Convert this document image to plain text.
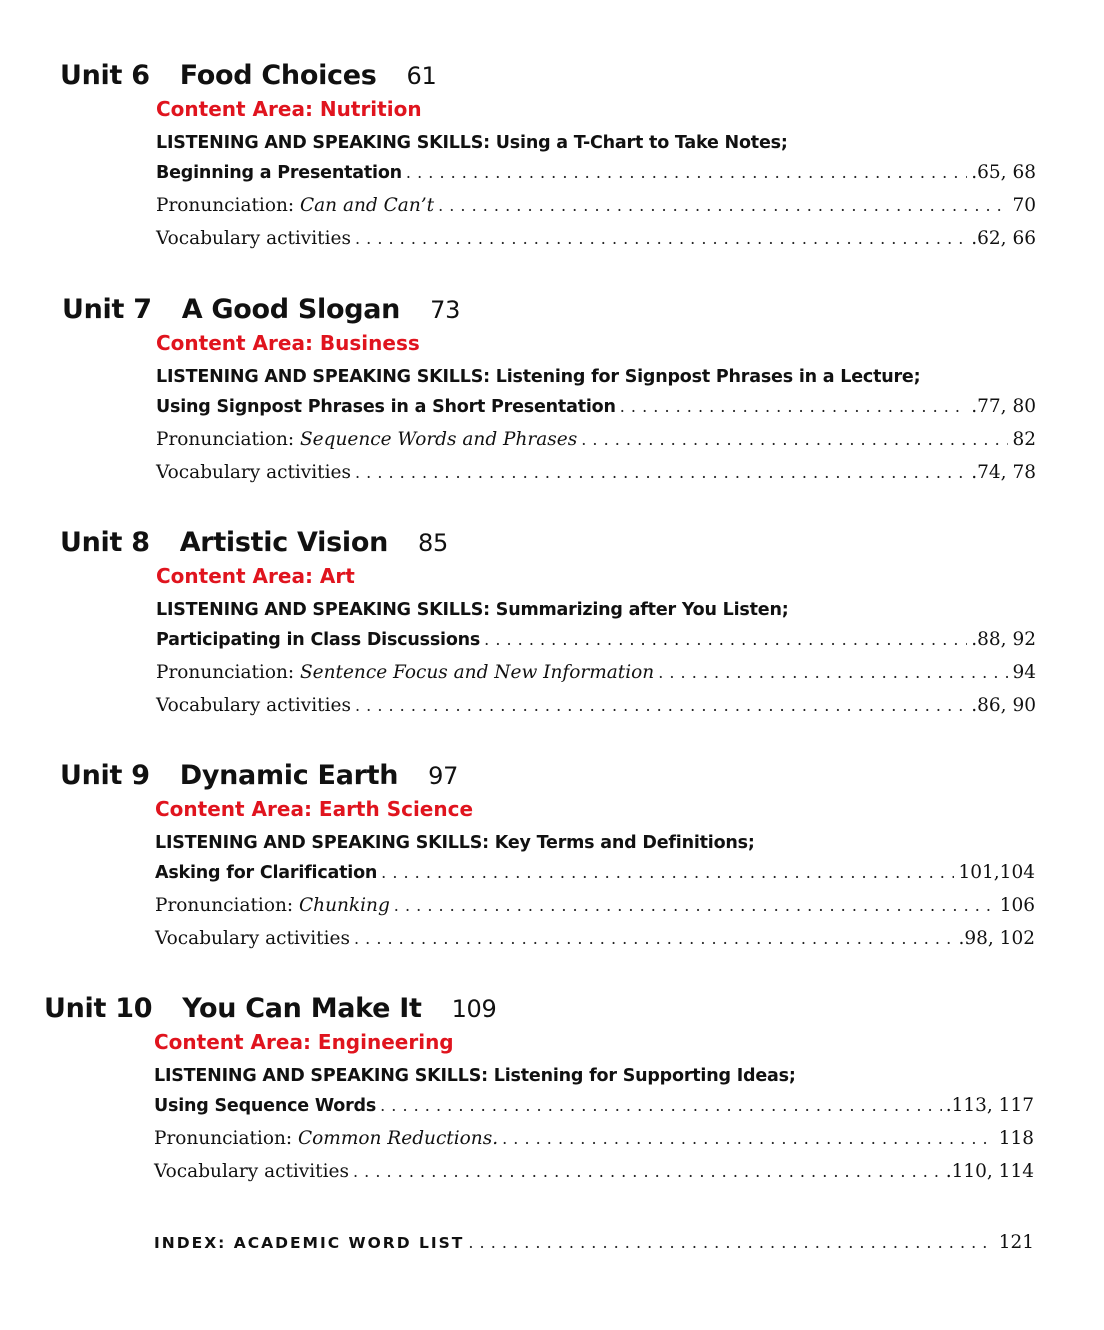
Unit 6 Food Choices 61
Content Area: Nutrition
LISTENING AND SPEAKING SKILLS: Using a T-Chart to Take Notes;
Beginning a Presentation . . .	.65, 68
Pronunciation: Can and Can’t . . .	70
Vocabulary activities . . .	.62, 66
Unit 7 A Good Slogan 73
Content Area: Business
LISTENING AND SPEAKING SKILLS: Listening for Signpost Phrases in a Lecture;
Using Signpost Phrases in a Short Presentation . . .	.77, 80
Pronunciation: Sequence Words and Phrases . . .	82
Vocabulary activities . . .	.74, 78
Unit 8 Artistic Vision 85
Content Area: Art
LISTENING AND SPEAKING SKILLS: Summarizing after You Listen;
Participating in Class Discussions . . .	.88, 92
Pronunciation: Sentence Focus and New Information . . .	94
Vocabulary activities . . .	.86, 90
Unit 9 Dynamic Earth 97
Content Area: Earth Science
LISTENING AND SPEAKING SKILLS: Key Terms and Definitions;
Asking for Clarification . . .	101,104
Pronunciation: Chunking . . .	106
Vocabulary activities . . .	.98, 102
Unit 10 You Can Make It 109
Content Area: Engineering
LISTENING AND SPEAKING SKILLS: Listening for Supporting Ideas;
Using Sequence Words . . .	.113, 117
Pronunciation: Common Reductions. . . .	118
Vocabulary activities . . .	.110, 114
INDEX: ACADEMIC WORD LIST . . .	121
